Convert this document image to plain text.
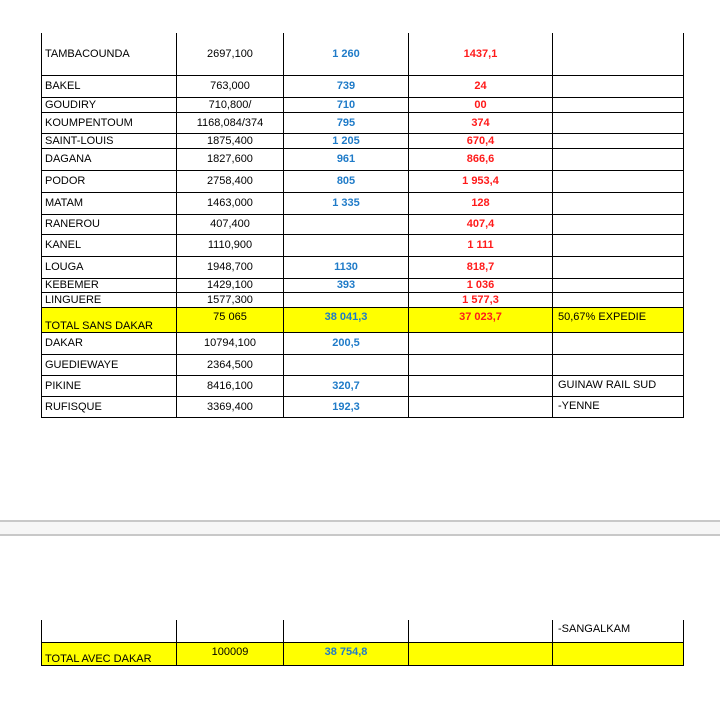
TAMBACOUNDA	2697,100	1 260	1437,1	
BAKEL	763,000	739	24	
GOUDIRY	710,800/	710	00	
KOUMPENTOUM	1168,084/374	795	374	
SAINT-LOUIS	1875,400	1 205	670,4	
DAGANA	1827,600	961	866,6	
PODOR	2758,400	805	1 953,4	
MATAM	1463,000	1 335	128	
RANEROU	407,400		407,4	
KANEL	1110,900		1 111	
LOUGA	1948,700	1130	818,7	
KEBEMER	1429,100	393	1 036	
LINGUERE	1577,300		1 577,3	
TOTAL SANS DAKAR	75 065	38 041,3	37 023,7	50,67% EXPEDIE
DAKAR	10794,100	200,5		
GUEDIEWAYE	2364,500			
PIKINE	8416,100	320,7		GUINAW RAIL SUD
RUFISQUE	3369,400	192,3		-YENNE
				-SANGALKAM
TOTAL AVEC DAKAR	100009	38 754,8		
